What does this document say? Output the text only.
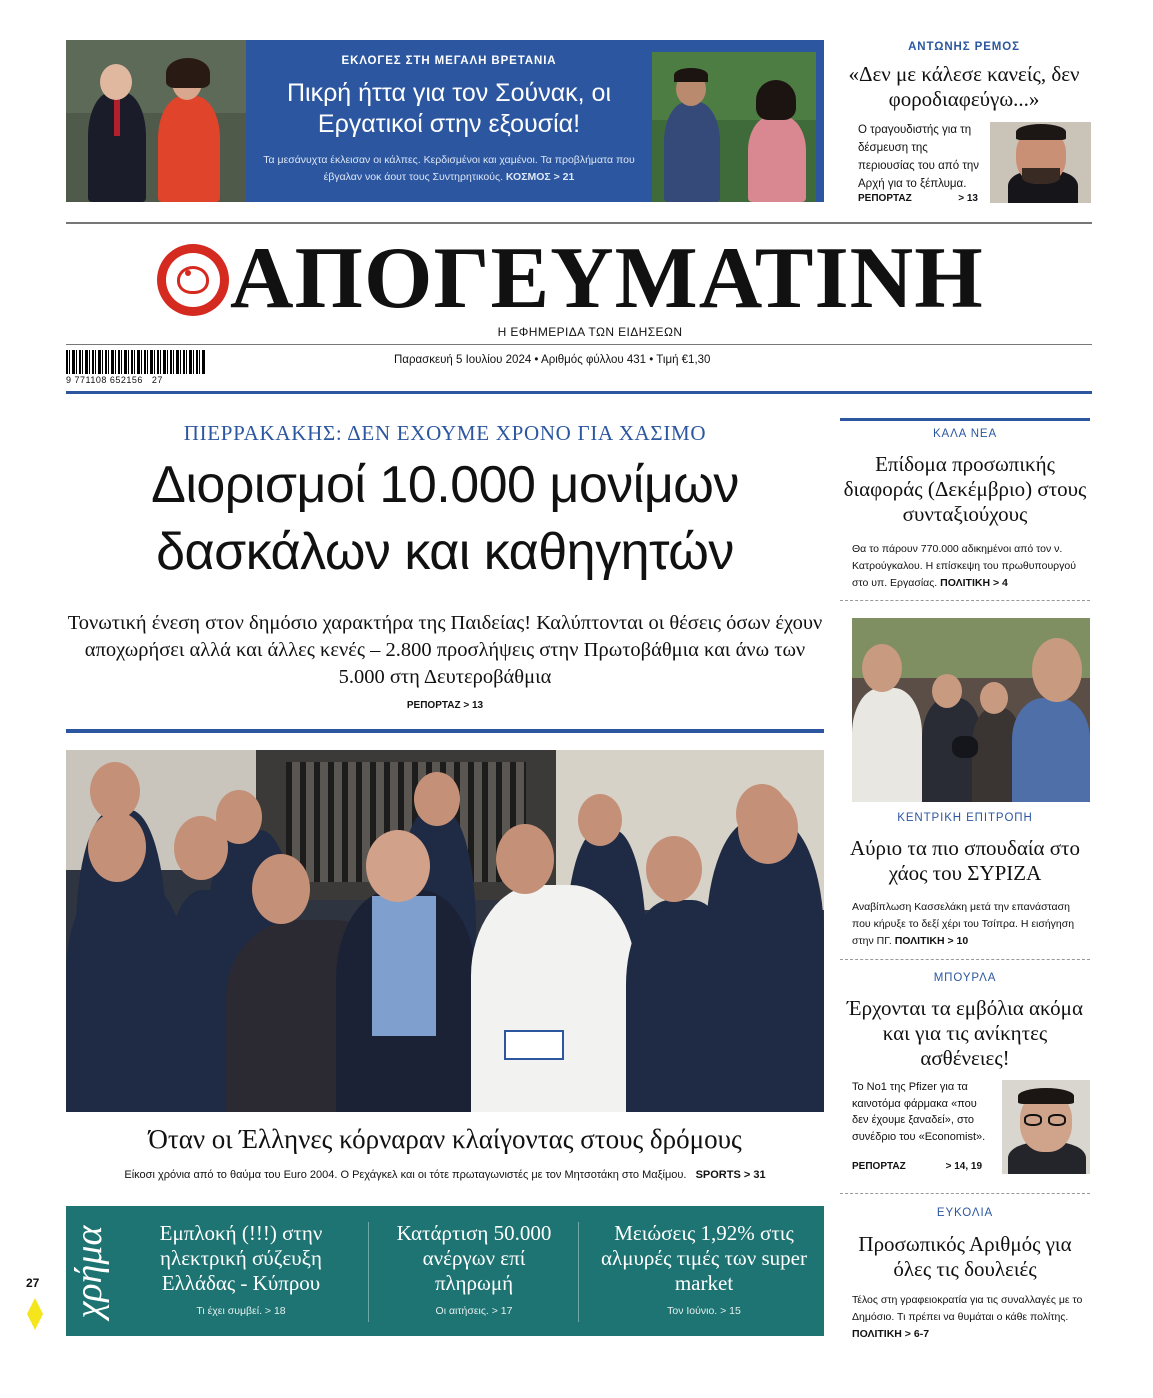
ΕΚΛΟΓΕΣ ΣΤΗ ΜΕΓΑΛΗ ΒΡΕΤΑΝΙΑ
Πικρή ήττα για τον Σούνακ, οι Εργατικοί στην εξουσία!
Τα μεσάνυχτα έκλεισαν οι κάλπες. Κερδισμένοι και χαμένοι. Τα προβλήματα που έβγαλαν νοκ άουτ τους Συντηρητικούς. ΚΟΣΜΟΣ > 21
ΑΝΤΩΝΗΣ ΡΕΜΟΣ
«Δεν με κάλεσε κανείς, δεν φοροδιαφεύγω...»
Ο τραγουδιστής για τη δέσμευση της περιουσίας του από την Αρχή για το ξέπλυμα.
ΡΕΠΟΡΤΑΖ	> 13
ΑΠΟΓΕΥΜΑΤΙΝΗ
Η ΕΦΗΜΕΡΙΔΑ ΤΩΝ ΕΙΔΗΣΕΩΝ
9 771108 652156 27
Παρασκευή 5 Ιουλίου 2024 • Αριθμός φύλλου 431 • Τιμή €1,30
ΠΙΕΡΡΑΚΑΚΗΣ: ΔΕΝ ΕΧΟΥΜΕ ΧΡΟΝΟ ΓΙΑ ΧΑΣΙΜΟ
Διορισμοί 10.000 μονίμων δασκάλων και καθηγητών
Τονωτική ένεση στον δημόσιο χαρακτήρα της Παιδείας! Καλύπτονται οι θέσεις όσων έχουν αποχωρήσει αλλά και άλλες κενές – 2.800 προσλήψεις στην Πρωτοβάθμια και άνω των 5.000 στη Δευτεροβάθμια
ΡΕΠΟΡΤΑΖ > 13
Όταν οι Έλληνες κόρναραν κλαίγοντας στους δρόμους
Είκοσι χρόνια από το θαύμα του Euro 2004. Ο Ρεχάγκελ και οι τότε πρωταγωνιστές με τον Μητσοτάκη στο Μαξίμου. SPORTS > 31
χρήμα	Εμπλοκή (!!!) στην ηλεκτρική σύζευξη Ελλάδας - Κύπρου
Τι έχει συμβεί. > 18
Κατάρτιση 50.000 ανέργων επί πληρωμή
Οι αιτήσεις. > 17
Μειώσεις 1,92% στις αλμυρές τιμές των super market
Τον Ιούνιο. > 15
27
ΚΑΛΑ ΝΕΑ
Επίδομα προσωπικής διαφοράς (Δεκέμβριο) στους συνταξιούχους
Θα το πάρουν 770.000 αδικημένοι από τον ν. Κατρούγκαλου. Η επίσκεψη του πρωθυπουργού στο υπ. Εργασίας. ΠΟΛΙΤΙΚΗ > 4
ΚΕΝΤΡΙΚΗ ΕΠΙΤΡΟΠΗ
Αύριο τα πιο σπουδαία στο χάος του ΣΥΡΙΖΑ
Αναβίπλωση Κασσελάκη μετά την επανάσταση που κήρυξε το δεξί χέρι του Τσίπρα. Η εισήγηση στην ΠΓ. ΠΟΛΙΤΙΚΗ > 10
ΜΠΟΥΡΛΑ
Έρχονται τα εμβόλια ακόμα και για τις ανίκητες ασθένειες!
Το Νο1 της Pfizer για τα καινοτόμα φάρμακα «που δεν έχουμε ξαναδεί», στο συνέδριο του «Economist».
ΡΕΠΟΡΤΑΖ	> 14, 19
ΕΥΚΟΛΙΑ
Προσωπικός Αριθμός για όλες τις δουλειές
Τέλος στη γραφειοκρατία για τις συναλλαγές με το Δημόσιο. Τι πρέπει να θυμάται ο κάθε πολίτης. ΠΟΛΙΤΙΚΗ > 6-7
